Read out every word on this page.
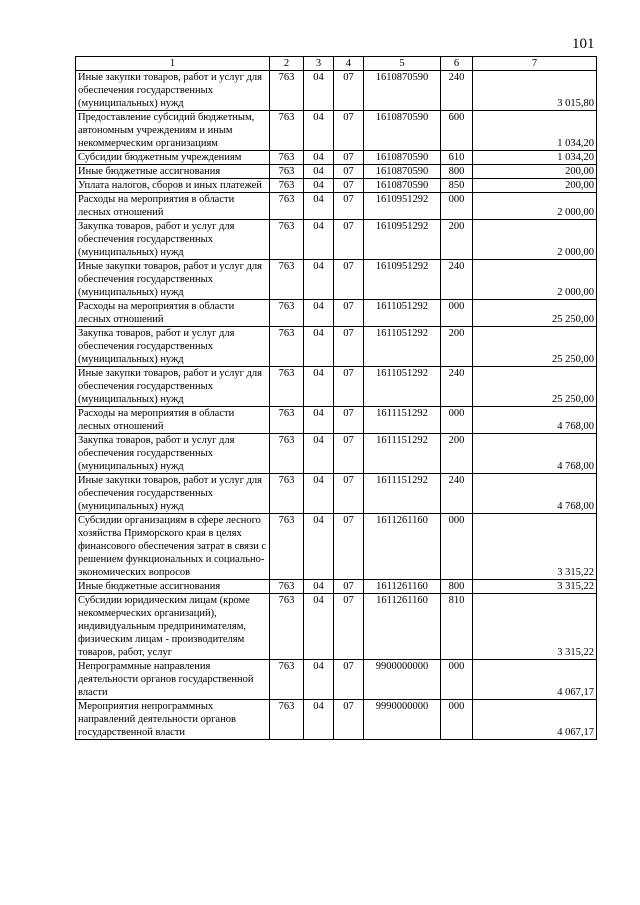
101
1	2	3	4	5	6	7
Иные закупки товаров, работ и услуг для обеспечения государственных (муниципальных) нужд	763	04	07	1610870590	240	3 015,80
Предоставление субсидий бюджетным, автономным учреждениям и иным некоммерческим организациям	763	04	07	1610870590	600	1 034,20
Субсидии бюджетным учреждениям	763	04	07	1610870590	610	1 034,20
Иные бюджетные ассигнования	763	04	07	1610870590	800	200,00
Уплата налогов, сборов и иных платежей	763	04	07	1610870590	850	200,00
Расходы на мероприятия в области лесных отношений	763	04	07	1610951292	000	2 000,00
Закупка товаров, работ и услуг для обеспечения государственных (муниципальных) нужд	763	04	07	1610951292	200	2 000,00
Иные закупки товаров, работ и услуг для обеспечения государственных (муниципальных) нужд	763	04	07	1610951292	240	2 000,00
Расходы на мероприятия в области лесных отношений	763	04	07	1611051292	000	25 250,00
Закупка товаров, работ и услуг для обеспечения государственных (муниципальных) нужд	763	04	07	1611051292	200	25 250,00
Иные закупки товаров, работ и услуг для обеспечения государственных (муниципальных) нужд	763	04	07	1611051292	240	25 250,00
Расходы на мероприятия в области лесных отношений	763	04	07	1611151292	000	4 768,00
Закупка товаров, работ и услуг для обеспечения государственных (муниципальных) нужд	763	04	07	1611151292	200	4 768,00
Иные закупки товаров, работ и услуг для обеспечения государственных (муниципальных) нужд	763	04	07	1611151292	240	4 768,00
Субсидии организациям в сфере лесного хозяйства Приморского края в целях финансового обеспечения затрат в связи с решением функциональных и социально-экономических вопросов	763	04	07	1611261160	000	3 315,22
Иные бюджетные ассигнования	763	04	07	1611261160	800	3 315,22
Субсидии юридическим лицам (кроме некоммерческих организаций), индивидуальным предпринимателям, физическим лицам - производителям товаров, работ, услуг	763	04	07	1611261160	810	3 315,22
Непрограммные направления деятельности органов государственной власти	763	04	07	9900000000	000	4 067,17
Мероприятия непрограммных направлений деятельности органов государственной власти	763	04	07	9990000000	000	4 067,17
